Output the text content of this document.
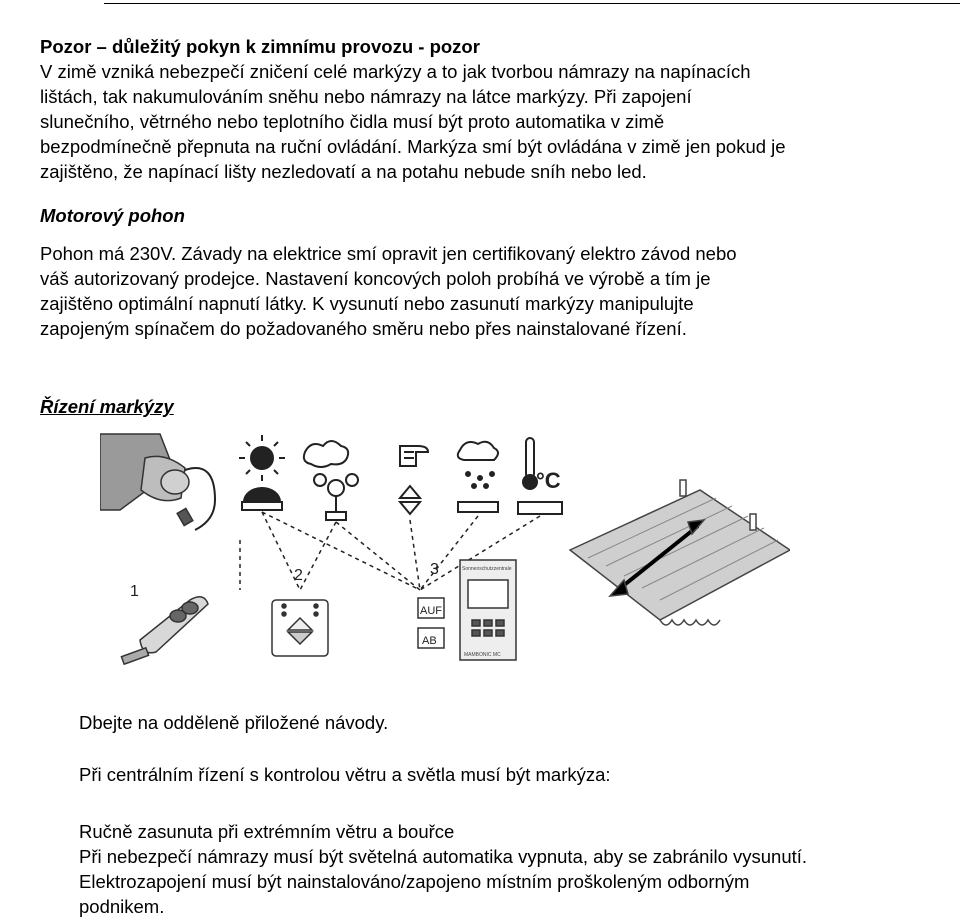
Pozor – důležitý pokyn k zimnímu provozu - pozor
V zimě vzniká nebezpečí zničení celé markýzy a to jak tvorbou námrazy na napínacích
lištách, tak nakumulováním sněhu nebo námrazy na látce markýzy. Při zapojení
slunečního, větrného nebo teplotního čidla musí být proto automatika v zimě
bezpodmínečně přepnuta na ruční ovládání. Markýza smí být ovládána v zimě jen pokud je
zajištěno, že napínací lišty nezledovatí a na potahu nebude sníh nebo led.
Motorový pohon
Pohon má 230V. Závady na elektrice smí opravit jen certifikovaný elektro závod nebo
váš autorizovaný prodejce. Nastavení koncových poloh probíhá ve výrobě a tím je
zajištěno optimální napnutí látky. K vysunutí nebo zasunutí markýzy manipulujte
zapojeným spínačem do požadovaného směru nebo přes nainstalované řízení.
Řízení markýzy
°C
1
2	3	Sonnenschutzzentrale
MAMBONIC MC
AUF
AB
Dbejte na odděleně přiložené návody.
Při centrálním řízení s kontrolou větru a světla musí být markýza:
Ručně zasunuta při extrémním větru a bouřce
Při nebezpečí námrazy musí být světelná automatika vypnuta, aby se zabránilo vysunutí.
Elektrozapojení musí být nainstalováno/zapojeno místním proškoleným odborným
podnikem.
